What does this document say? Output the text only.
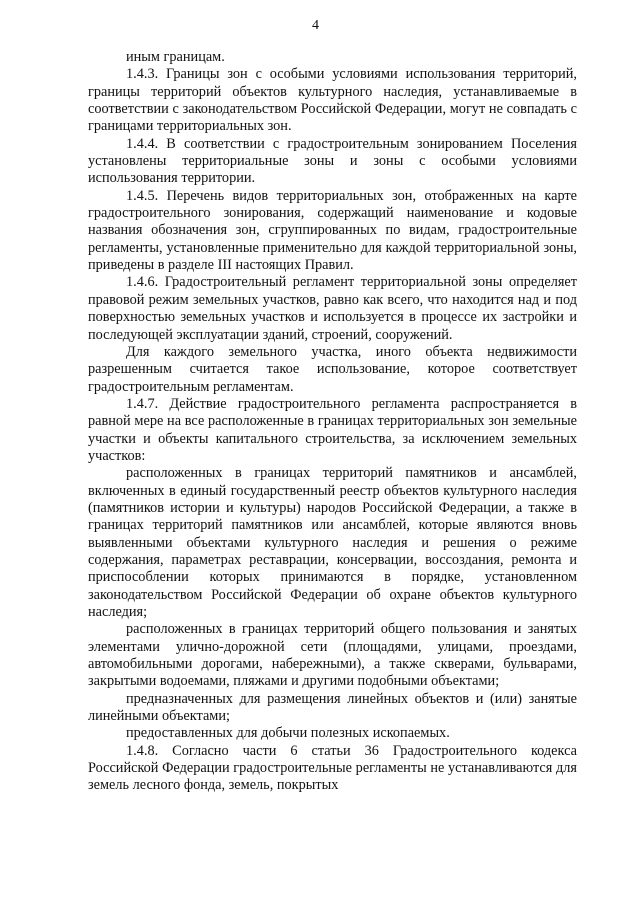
4

иным границам.

1.4.3. Границы зон с особыми условиями использования территорий, границы территорий объектов культурного наследия, устанавливаемые в соответствии с законодательством Российской Федерации, могут не совпадать с границами территориальных зон.

1.4.4. В соответствии с градостроительным зонированием Поселения установлены территориальные зоны и зоны с особыми условиями использования территории.

1.4.5. Перечень видов территориальных зон, отображенных на карте градостроительного зонирования, содержащий наименование и кодовые названия обозначения зон, сгруппированных по видам, градостроительные регламенты, установленные применительно для каждой территориальной зоны, приведены в разделе III настоящих Правил.

1.4.6. Градостроительный регламент территориальной зоны определяет правовой режим земельных участков, равно как всего, что находится над и под поверхностью земельных участков и используется в процессе их застройки и последующей эксплуатации зданий, строений, сооружений.

Для каждого земельного участка, иного объекта недвижимости разрешенным считается такое использование, которое соответствует градостроительным регламентам.

1.4.7. Действие градостроительного регламента распространяется в равной мере на все расположенные в границах территориальных зон земельные участки и объекты капитального строительства, за исключением земельных участков:

расположенных в границах территорий памятников и ансамблей, включенных в единый государственный реестр объектов культурного наследия (памятников истории и культуры) народов Российской Федерации, а также в границах территорий памятников или ансамблей, которые являются вновь выявленными объектами культурного наследия и решения о режиме содержания, параметрах реставрации, консервации, воссоздания, ремонта и приспособлении которых принимаются в порядке, установленном законодательством Российской Федерации об охране объектов культурного наследия;

расположенных в границах территорий общего пользования и занятых элементами улично-дорожной сети (площадями, улицами, проездами, автомобильными дорогами, набережными), а также скверами, бульварами, закрытыми водоемами, пляжами и другими подобными объектами;

предназначенных для размещения линейных объектов и (или) занятые линейными объектами;

предоставленных для добычи полезных ископаемых.

1.4.8. Согласно части 6 статьи 36 Градостроительного кодекса Российской Федерации градостроительные регламенты не устанавливаются для земель лесного фонда, земель, покрытых
